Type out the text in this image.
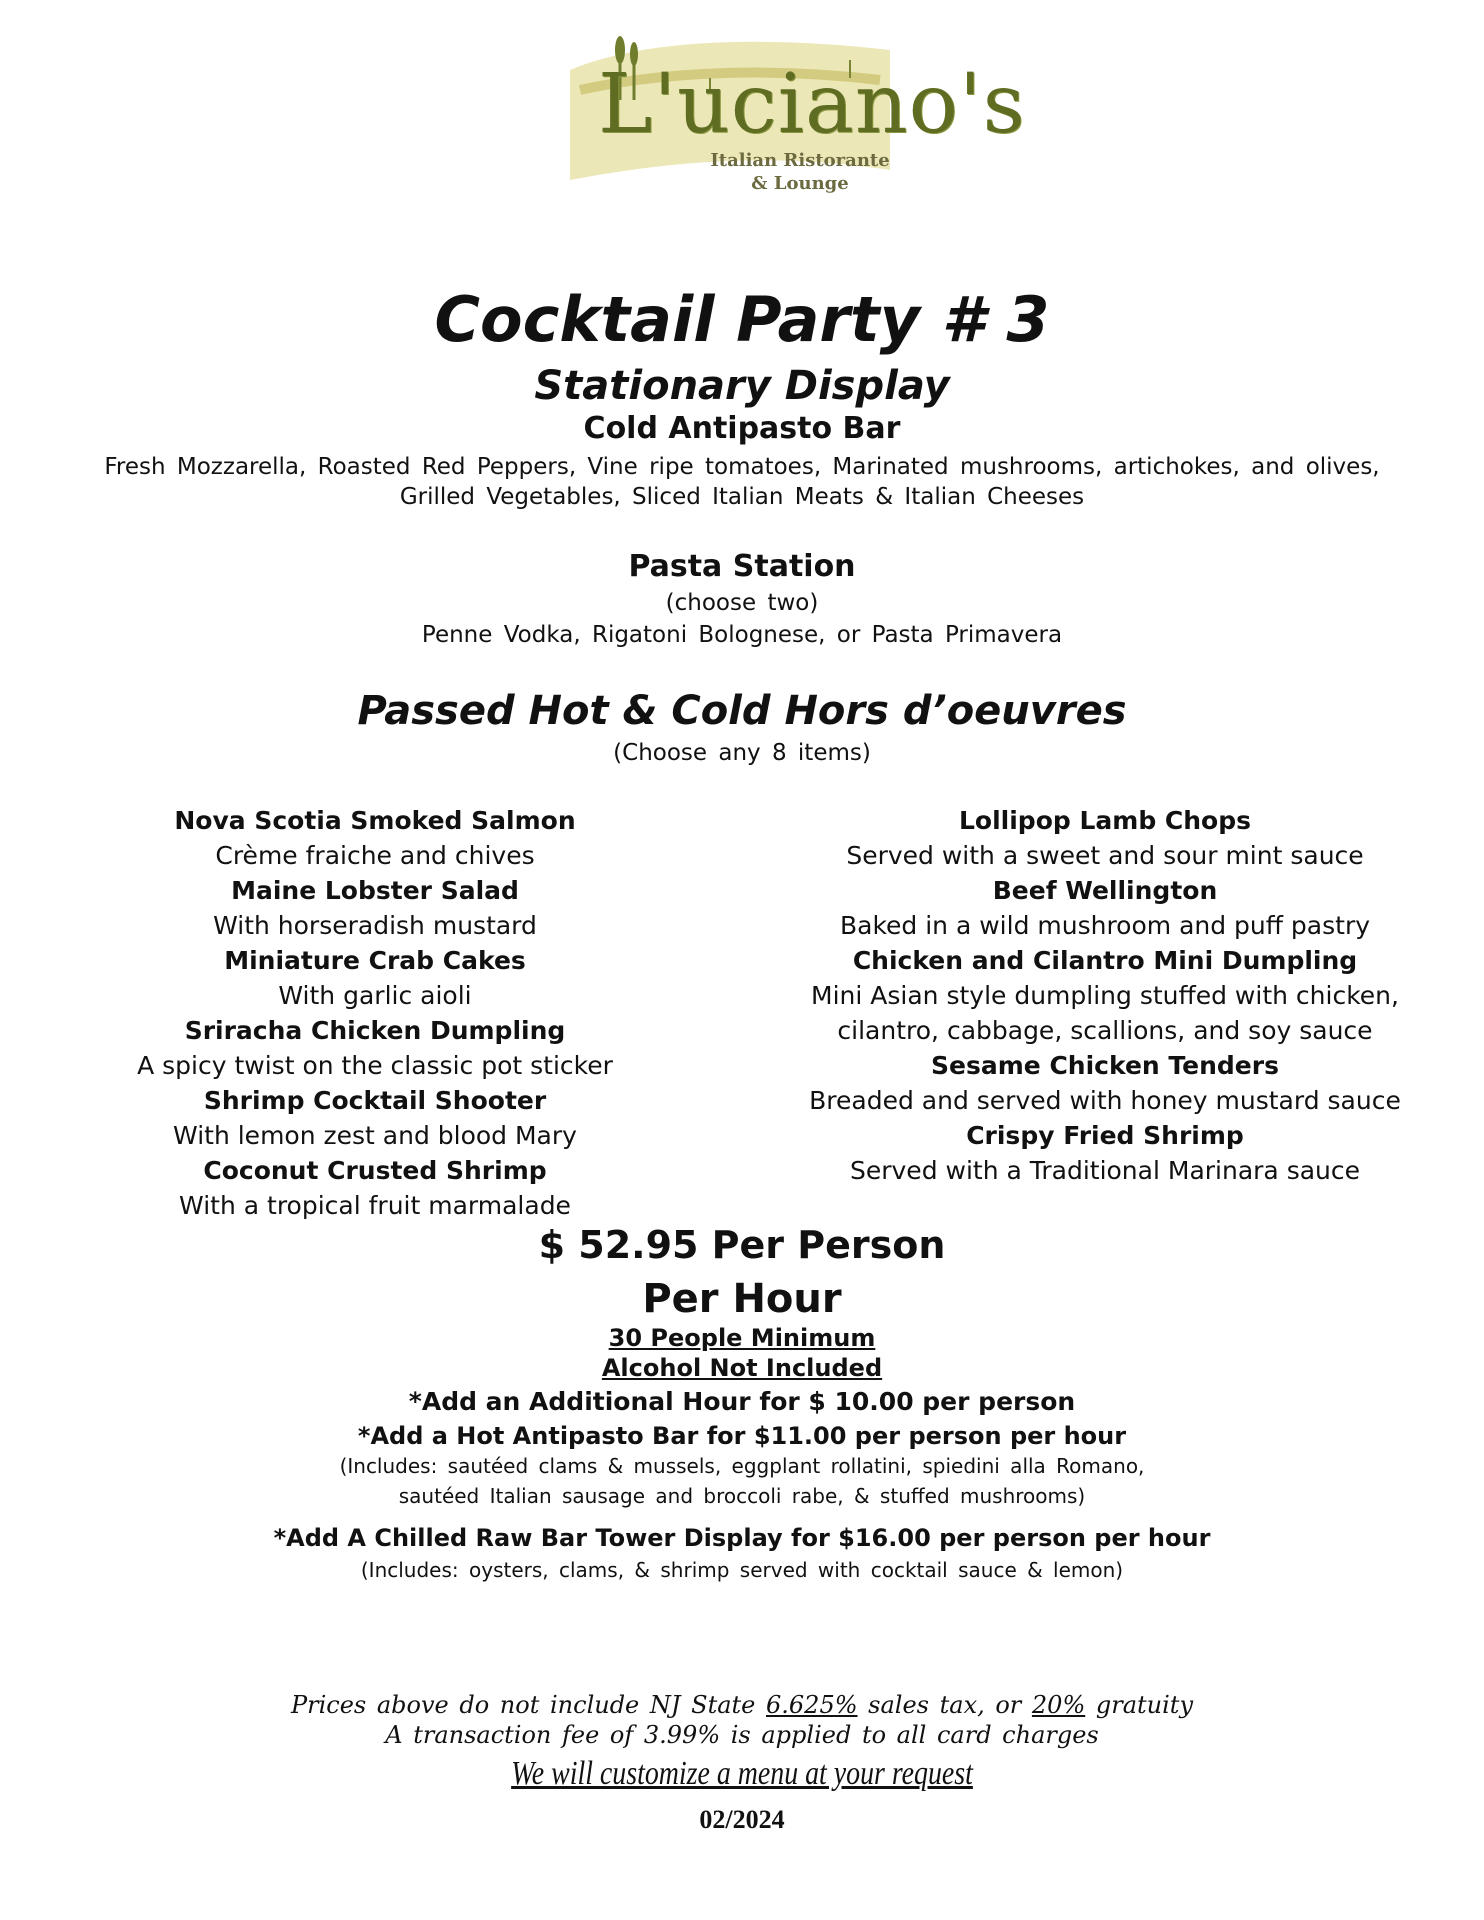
L'uciano's
Italian Ristorante
& Lounge
Cocktail Party # 3
Stationary Display
Cold Antipasto Bar
Fresh Mozzarella, Roasted Red Peppers, Vine ripe tomatoes, Marinated mushrooms, artichokes, and olives,
Grilled Vegetables, Sliced Italian Meats & Italian Cheeses
Pasta Station
(choose two)
Penne Vodka, Rigatoni Bolognese, or Pasta Primavera
Passed Hot & Cold Hors d’oeuvres
(Choose any 8 items)
Nova Scotia Smoked Salmon
Crème fraiche and chives
Maine Lobster Salad
With horseradish mustard
Miniature Crab Cakes
With garlic aioli
Sriracha Chicken Dumpling
A spicy twist on the classic pot sticker
Shrimp Cocktail Shooter
With lemon zest and blood Mary
Coconut Crusted Shrimp
With a tropical fruit marmalade
Lollipop Lamb Chops
Served with a sweet and sour mint sauce
Beef Wellington
Baked in a wild mushroom and puff pastry
Chicken and Cilantro Mini Dumpling
Mini Asian style dumpling stuffed with chicken,
cilantro, cabbage, scallions, and soy sauce
Sesame Chicken Tenders
Breaded and served with honey mustard sauce
Crispy Fried Shrimp
Served with a Traditional Marinara sauce
$ 52.95 Per Person
Per Hour
30 People Minimum
Alcohol Not Included
*Add an Additional Hour for $ 10.00 per person
*Add a Hot Antipasto Bar for $11.00 per person per hour
(Includes: sautéed clams & mussels, eggplant rollatini, spiedini alla Romano,
sautéed Italian sausage and broccoli rabe, & stuffed mushrooms)
*Add A Chilled Raw Bar Tower Display for $16.00 per person per hour
(Includes: oysters, clams, & shrimp served with cocktail sauce & lemon)
Prices above do not include NJ State 6.625% sales tax, or 20% gratuity
A transaction fee of 3.99% is applied to all card charges
We will customize a menu at your request
02/2024
